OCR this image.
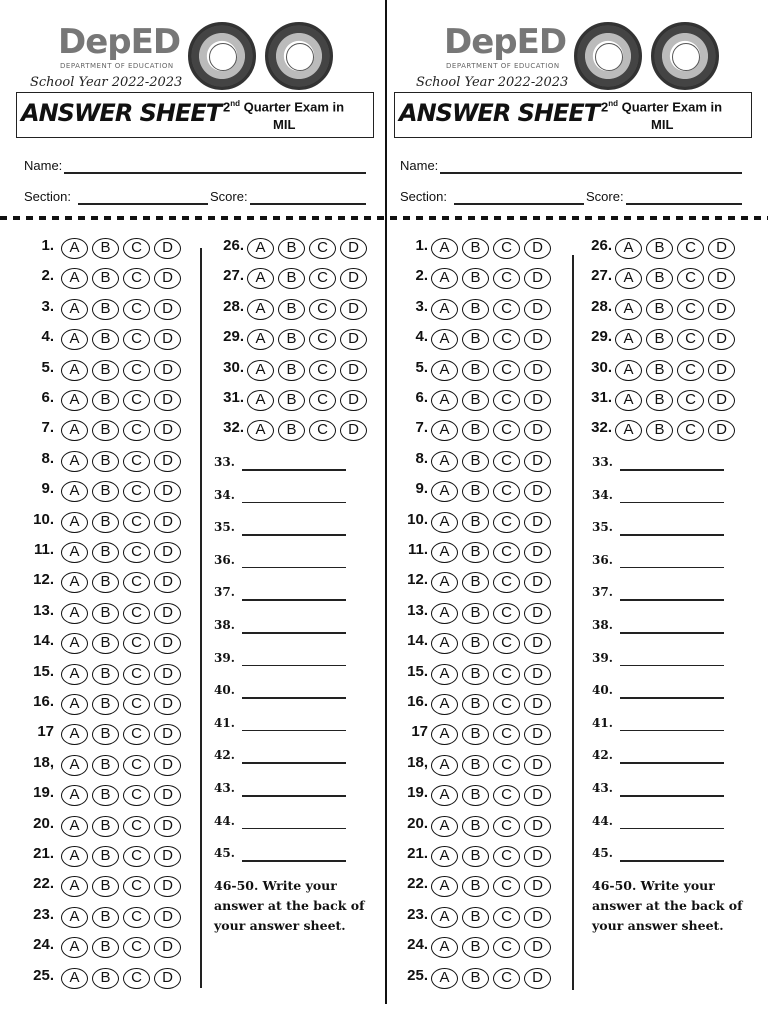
DepED
DEPARTMENT OF EDUCATION
School Year 2022-2023
ANSWER SHEET 2nd Quarter Exam in
MIL
Name:
Section:	Score:
1.	A	B	C	D
2.	A	B	C	D
3.	A	B	C	D
4.	A	B	C	D
5.	A	B	C	D
6.	A	B	C	D
7.	A	B	C	D
8.	A	B	C	D
9.	A	B	C	D
10.	A	B	C	D
11.	A	B	C	D
12.	A	B	C	D
13.	A	B	C	D
14.	A	B	C	D
15.	A	B	C	D
16.	A	B	C	D
17	A	B	C	D
18,	A	B	C	D
19.	A	B	C	D
20.	A	B	C	D
21.	A	B	C	D
22.	A	B	C	D
23.	A	B	C	D
24.	A	B	C	D
25.	A	B	C	D
26. A	B	C	D
27. A	B	C	D
28. A	B	C	D
29. A	B	C	D
30. A	B	C	D
31. A	B	C	D
32. A	B	C	D
33.
34.
35.
36.
37.
38.
39.
40.
41.
42.
43.
44.
45.
46-50. Write your answer at the back of your answer sheet.
DepED
DEPARTMENT OF EDUCATION
School Year 2022-2023
ANSWER SHEET 2nd Quarter Exam in
MIL
Name:
Section:	Score:
1. A	B	C	D
2. A	B	C	D
3. A	B	C	D
4. A	B	C	D
5. A	B	C	D
6. A	B	C	D
7. A	B	C	D
8. A	B	C	D
9. A	B	C	D
10. A	B	C	D
11. A	B	C	D
12. A	B	C	D
13. A	B	C	D
14. A	B	C	D
15. A	B	C	D
16. A	B	C	D
17 A	B	C	D
18, A	B	C	D
19. A	B	C	D
20. A	B	C	D
21. A	B	C	D
22. A	B	C	D
23. A	B	C	D
24. A	B	C	D
25. A	B	C	D
26. A	B	C	D
27. A	B	C	D
28. A	B	C	D
29. A	B	C	D
30. A	B	C	D
31. A	B	C	D
32. A	B	C	D
33.
34.
35.
36.
37.
38.
39.
40.
41.
42.
43.
44.
45.
46-50. Write your answer at the back of your answer sheet.
